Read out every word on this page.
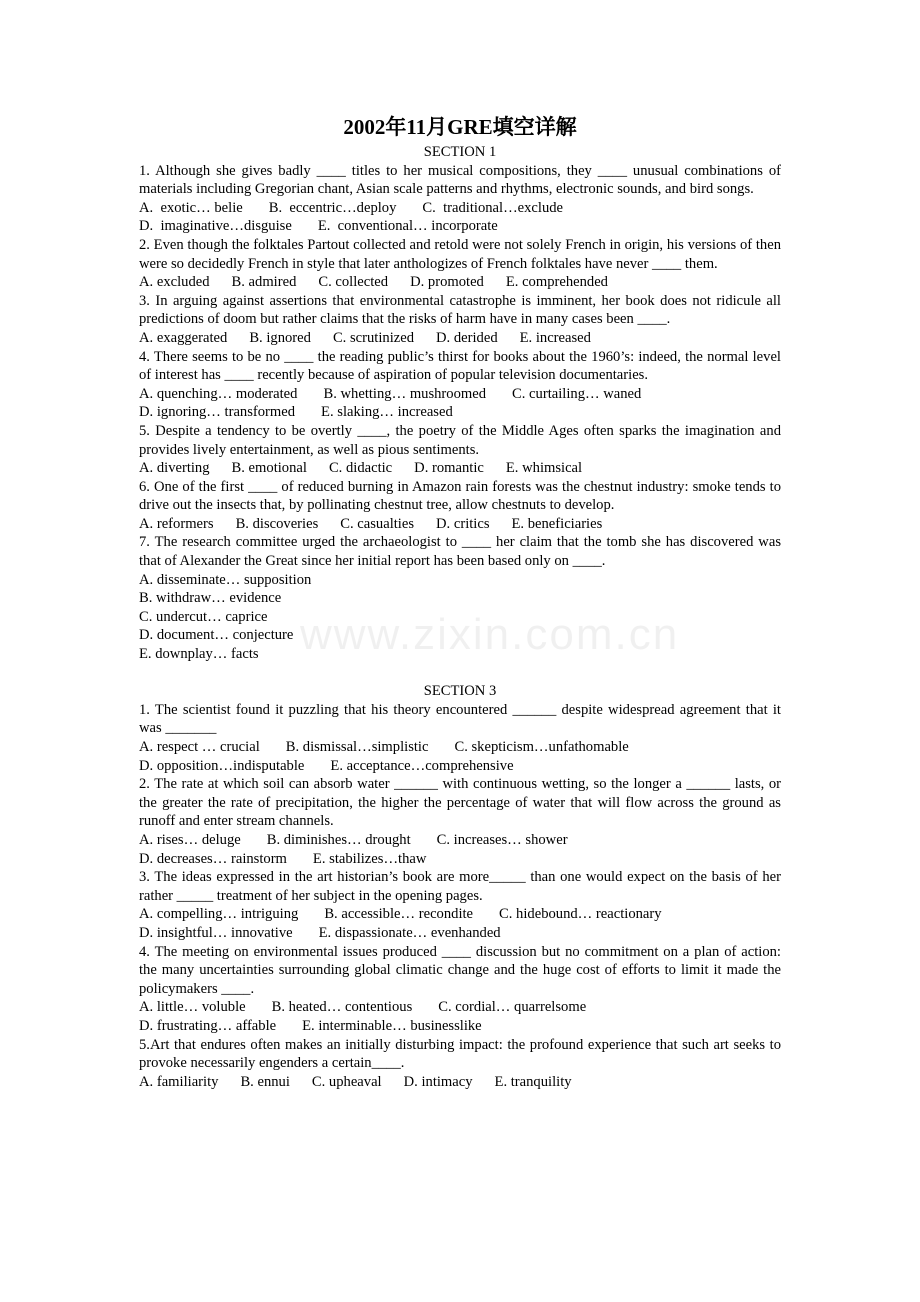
www.zixin.com.cn
2002年11月GRE填空详解
SECTION 1

1. Although she gives badly ____ titles to her musical compositions, they ____ unusual combinations of materials including Gregorian chant, Asian scale patterns and rhythms, electronic sounds, and bird songs.

A.  exotic… belie B.  eccentric…deploy C.  traditional…exclude
D.  imaginative…disguise E.  conventional… incorporate

2. Even though the folktales Partout collected and retold were not solely French in origin, his versions of then were so decidedly French in style that later anthologizes of French folktales have never ____ them.

A. excluded B. admired C. collected D. promoted E. comprehended

3. In arguing against assertions that environmental catastrophe is imminent, her book does not ridicule all predictions of doom but rather claims that the risks of harm have in many cases been ____.

A. exaggerated B. ignored C. scrutinized D. derided E. increased

4. There seems to be no ____ the reading public’s thirst for books about the 1960’s: indeed, the normal level of interest has ____ recently because of aspiration of popular television documentaries.

A. quenching… moderated B. whetting… mushroomed C. curtailing… waned
D. ignoring… transformed E. slaking… increased

5. Despite a tendency to be overtly ____, the poetry of the Middle Ages often sparks the imagination and provides lively entertainment, as well as pious sentiments.

A. diverting B. emotional C. didactic D. romantic E. whimsical

6. One of the first ____ of reduced burning in Amazon rain forests was the chestnut industry: smoke tends to drive out the insects that, by pollinating chestnut tree, allow chestnuts to develop.

A. reformers B. discoveries C. casualties D. critics E. beneficiaries

7. The research committee urged the archaeologist to ____ her claim that the tomb she has discovered was that of Alexander the Great since her initial report has been based only on ____.

A. disseminate… supposition
B. withdraw… evidence
C. undercut… caprice
D. document… conjecture
E. downplay… facts
SECTION 3

1. The scientist found it puzzling that his theory encountered ______ despite widespread agreement that it was _______

A. respect … crucial B. dismissal…simplistic C. skepticism…unfathomable
D. opposition…indisputable E. acceptance…comprehensive

2. The rate at which soil can absorb water ______ with continuous wetting, so the longer a ______ lasts, or the greater the rate of precipitation, the higher the percentage of water that will flow across the ground as runoff and enter stream channels.

A. rises… deluge B. diminishes… drought C. increases… shower
D. decreases… rainstorm E. stabilizes…thaw

3. The ideas expressed in the art historian’s book are more_____ than one would expect on the basis of her rather _____ treatment of her subject in the opening pages.

A. compelling… intriguing B. accessible… recondite C. hidebound… reactionary
D. insightful… innovative E. dispassionate… evenhanded

4. The meeting on environmental issues produced ____ discussion but no commitment on a plan of action: the many uncertainties surrounding global climatic change and the huge cost of efforts to limit it made the policymakers ____.

A. little… voluble B. heated… contentious C. cordial… quarrelsome
D. frustrating… affable E. interminable… businesslike

5.Art that endures often makes an initially disturbing impact: the profound experience that such art seeks to provoke necessarily engenders a certain____.

A. familiarity B. ennui C. upheaval D. intimacy E. tranquility
